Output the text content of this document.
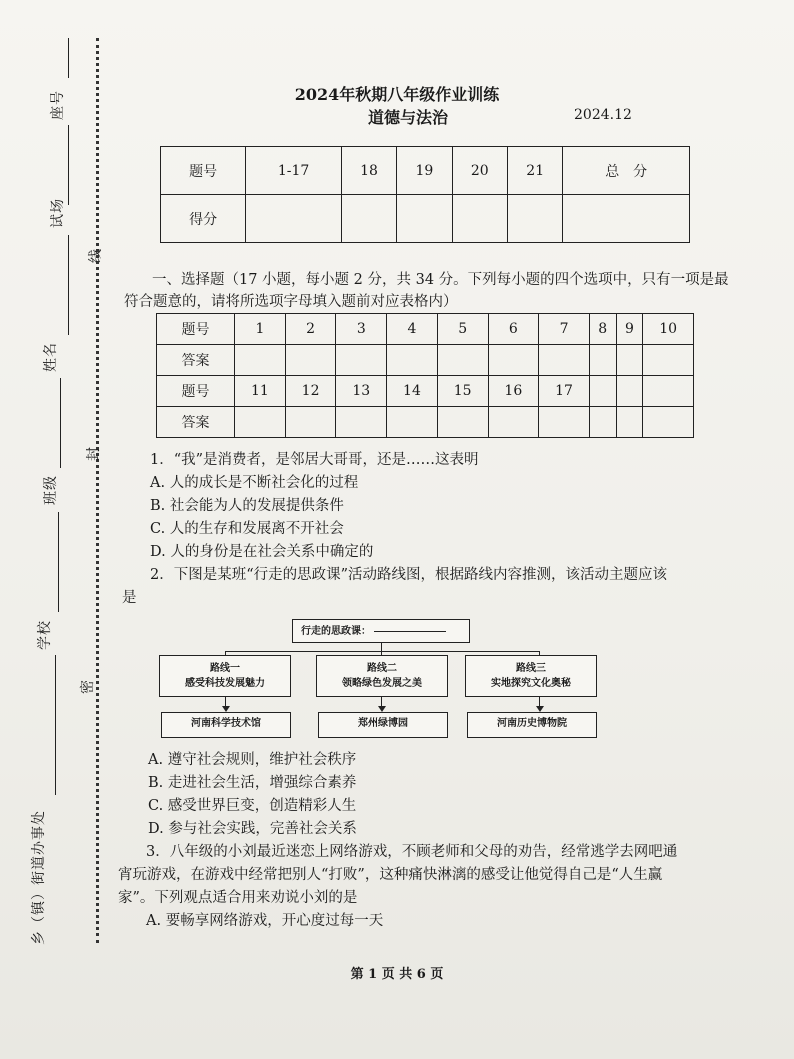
座号
试场
姓名
班级
学校
乡（镇）街道办事处
线
封
密
2024年秋期八年级作业训练
道德与法治	2024.12
题号	1-17	18	19	20	21	总　分
得分						
一、选择题（17 小题，每小题 2 分，共 34 分。下列每小题的四个选项中，只有一项是最符合题意的，请将所选项字母填入题前对应表格内）
题号	1	2	3	4	5	6	7	8	9	10
答案										
题号	11	12	13	14	15	16	17			
答案										
1．“我”是消费者，是邻居大哥哥，还是……这表明
A. 人的成长是不断社会化的过程
B. 社会能为人的发展提供条件
C. 人的生存和发展离不开社会
D. 人的身份是在社会关系中确定的
2．下图是某班“行走的思政课”活动路线图，根据路线内容推测，该活动主题应该
是
行走的思政课：
路线一
感受科技发展魅力
路线二
领略绿色发展之美
路线三
实地探究文化奥秘
河南科学技术馆	郑州绿博园	河南历史博物院
A. 遵守社会规则，维护社会秩序
B. 走进社会生活，增强综合素养
C. 感受世界巨变，创造精彩人生
D. 参与社会实践，完善社会关系
3．八年级的小刘最近迷恋上网络游戏，不顾老师和父母的劝告，经常逃学去网吧通
宵玩游戏，在游戏中经常把别人“打败”，这种痛快淋漓的感受让他觉得自己是“人生赢
家”。下列观点适合用来劝说小刘的是
A. 要畅享网络游戏，开心度过每一天
第 1 页 共 6 页
